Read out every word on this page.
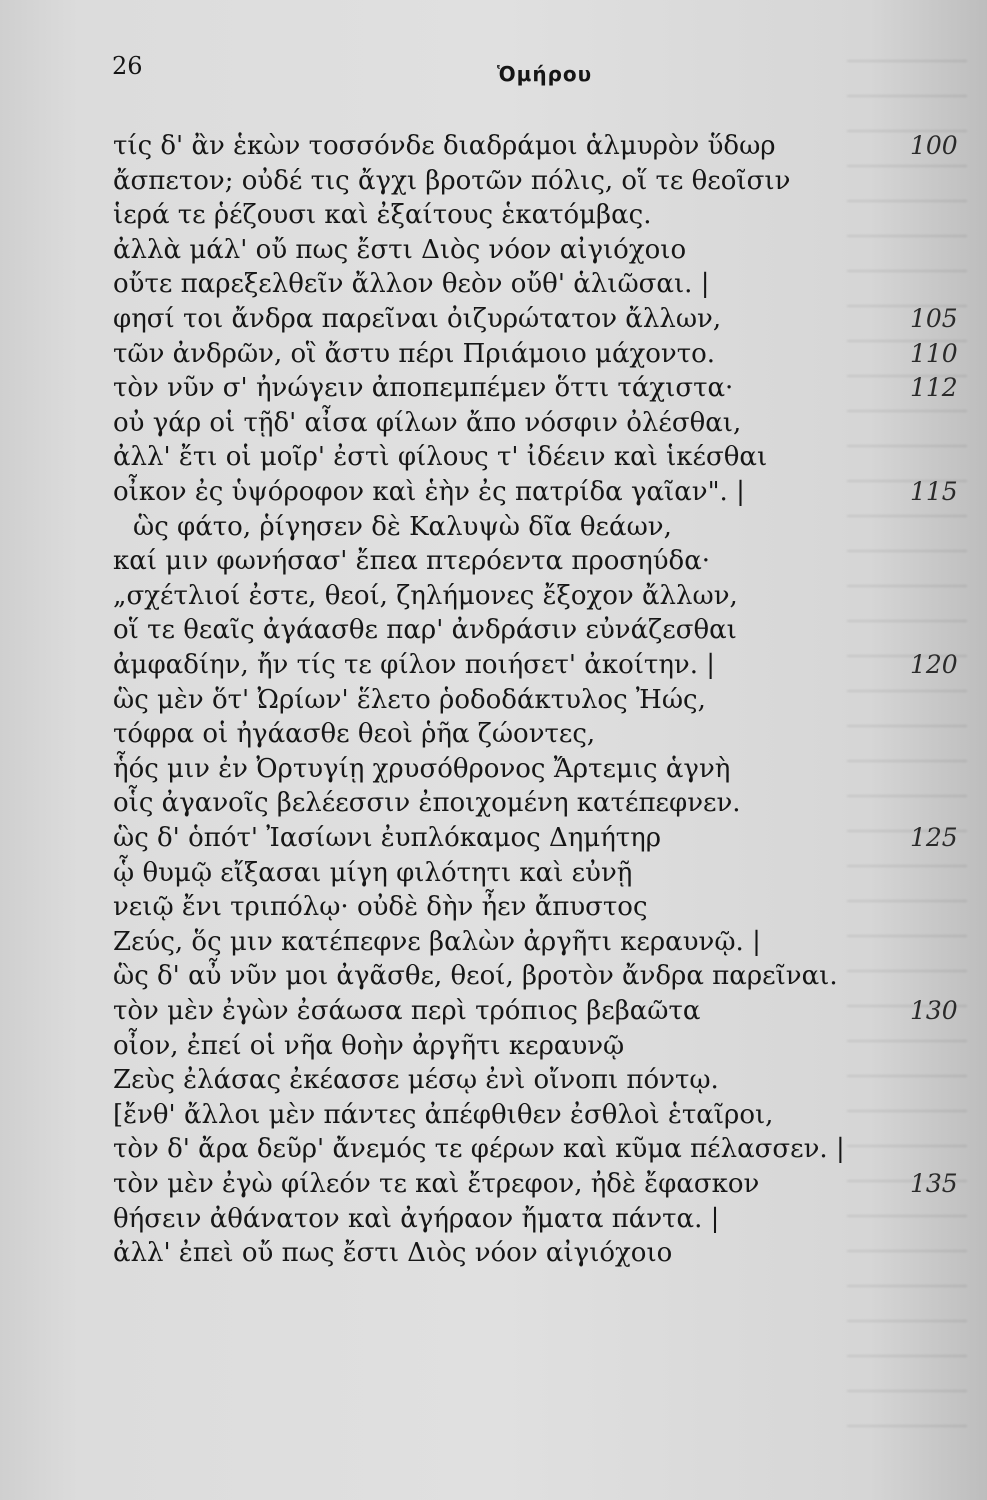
26	Ὁμήρου
τίς δ' ἂν ἑκὼν τοσσόνδε διαδράμοι ἁλμυρὸν ὕδωρ	100
ἄσπετον; οὐδέ τις ἄγχι βροτῶν πόλις, οἵ τε θεοῖσιν
ἱερά τε ῥέζουσι καὶ ἐξαίτους ἑκατόμβας.
ἀλλὰ μάλ' οὔ πως ἔστι Διὸς νόον αἰγιόχοιο
οὔτε παρεξελθεῖν ἄλλον θεὸν οὔθ' ἁλιῶσαι. |
φησί τοι ἄνδρα παρεῖναι ὀιζυρώτατον ἄλλων,	105
τῶν ἀνδρῶν, οἳ ἄστυ πέρι Πριάμοιο μάχοντο.	110
τὸν νῦν σ' ἠνώγειν ἀποπεμπέμεν ὅττι τάχιστα·	112
οὐ γάρ οἱ τῇδ' αἶσα φίλων ἄπο νόσφιν ὀλέσθαι,
ἀλλ' ἔτι οἱ μοῖρ' ἐστὶ φίλους τ' ἰδέειν καὶ ἱκέσθαι
οἶκον ἐς ὑψόροφον καὶ ἑὴν ἐς πατρίδα γαῖαν". |	115
ὣς φάτο, ῥίγησεν δὲ Καλυψὼ δῖα θεάων,
καί μιν φωνήσασ' ἔπεα πτερόεντα προσηύδα·
„σχέτλιοί ἐστε, θεοί, ζηλήμονες ἔξοχον ἄλλων,
οἵ τε θεαῖς ἀγάασθε παρ' ἀνδράσιν εὐνάζεσθαι
ἀμφαδίην, ἤν τίς τε φίλον ποιήσετ' ἀκοίτην. |	120
ὣς μὲν ὅτ' Ὠρίων' ἕλετο ῥοδοδάκτυλος Ἠώς,
τόφρα οἱ ἠγάασθε θεοὶ ῥῆα ζώοντες,
ἧός μιν ἐν Ὀρτυγίῃ χρυσόθρονος Ἄρτεμις ἁγνὴ
οἷς ἀγανοῖς βελέεσσιν ἐποιχομένη κατέπεφνεν.
ὣς δ' ὁπότ' Ἰασίωνι ἐυπλόκαμος Δημήτηρ	125
ᾧ θυμῷ εἴξασαι μίγη φιλότητι καὶ εὐνῇ
νειῷ ἔνι τριπόλῳ· οὐδὲ δὴν ἦεν ἄπυστος
Ζεύς, ὅς μιν κατέπεφνε βαλὼν ἀργῆτι κεραυνῷ. |
ὣς δ' αὖ νῦν μοι ἀγᾶσθε, θεοί, βροτὸν ἄνδρα παρεῖναι.
τὸν μὲν ἐγὼν ἐσάωσα περὶ τρόπιος βεβαῶτα	130
οἶον, ἐπεί οἱ νῆα θοὴν ἀργῆτι κεραυνῷ
Ζεὺς ἐλάσας ἐκέασσε μέσῳ ἐνὶ οἴνοπι πόντῳ.
[ἔνθ' ἄλλοι μὲν πάντες ἀπέφθιθεν ἐσθλοὶ ἑταῖροι,
τὸν δ' ἄρα δεῦρ' ἄνεμός τε φέρων καὶ κῦμα πέλασσεν. |
τὸν μὲν ἐγὼ φίλεόν τε καὶ ἔτρεφον, ἠδὲ ἔφασκον	135
θήσειν ἀθάνατον καὶ ἀγήραον ἤματα πάντα. |
ἀλλ' ἐπεὶ οὔ πως ἔστι Διὸς νόον αἰγιόχοιο
